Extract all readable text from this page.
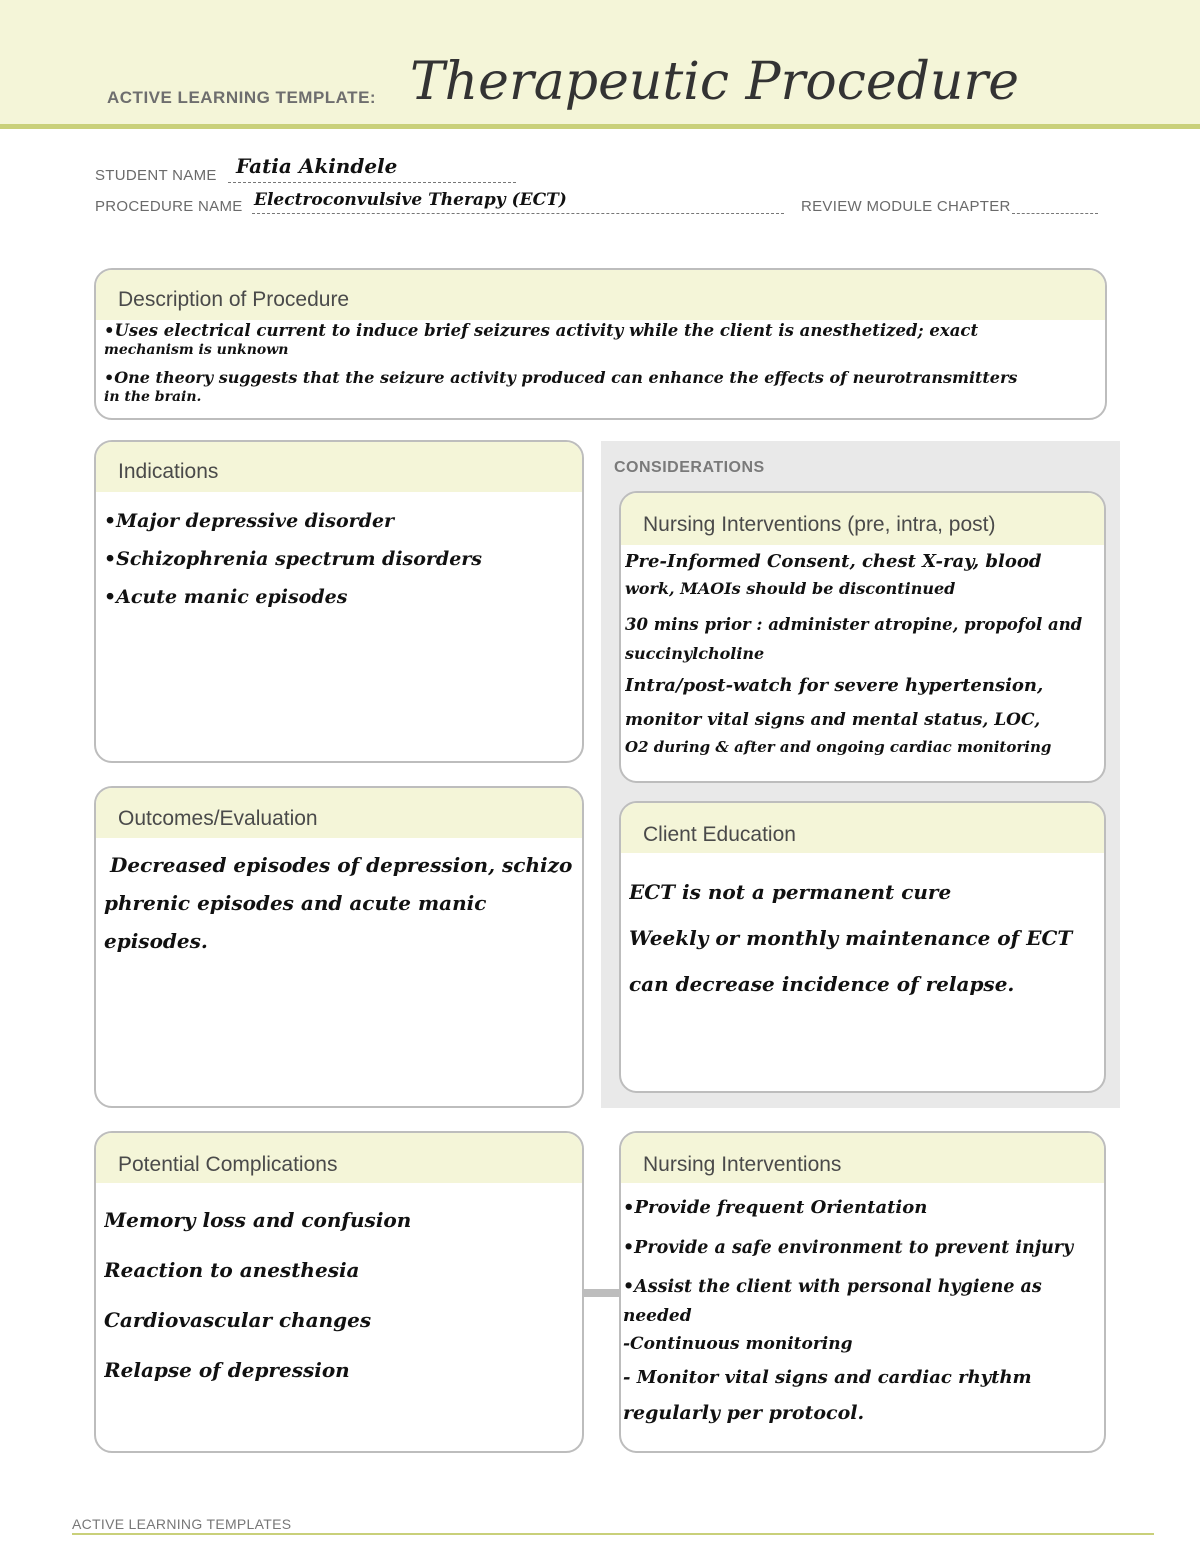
ACTIVE LEARNING TEMPLATE: Therapeutic Procedure
STUDENT NAME Fatia Akindele
PROCEDURE NAME Electroconvulsive Therapy (ECT)	REVIEW MODULE CHAPTER
Description of Procedure
•Uses electrical current to induce brief seizures activity while the client is anesthetized; exact
mechanism is unknown
•One theory suggests that the seizure activity produced can enhance the effects of neurotransmitters
in the brain.
CONSIDERATIONS
Indications
•Major depressive disorder
•Schizophrenia spectrum disorders
•Acute manic episodes
Nursing Interventions (pre, intra, post)
Pre-Informed Consent, chest X-ray, blood
work, MAOIs should be discontinued
30 mins prior : administer atropine, propofol and
succinylcholine
Intra/post-watch for severe hypertension,
monitor vital signs and mental status, LOC,
O2 during & after and ongoing cardiac monitoring
Outcomes/Evaluation
Decreased episodes of depression, schizo
phrenic episodes and acute manic
episodes.
Client Education
ECT is not a permanent cure
Weekly or monthly maintenance of ECT
can decrease incidence of relapse.
Potential Complications
Memory loss and confusion
Reaction to anesthesia
Cardiovascular changes
Relapse of depression
Nursing Interventions
•Provide frequent Orientation
•Provide a safe environment to prevent injury
•Assist the client with personal hygiene as
needed
-Continuous monitoring
- Monitor vital signs and cardiac rhythm
regularly per protocol.
ACTIVE LEARNING TEMPLATES
